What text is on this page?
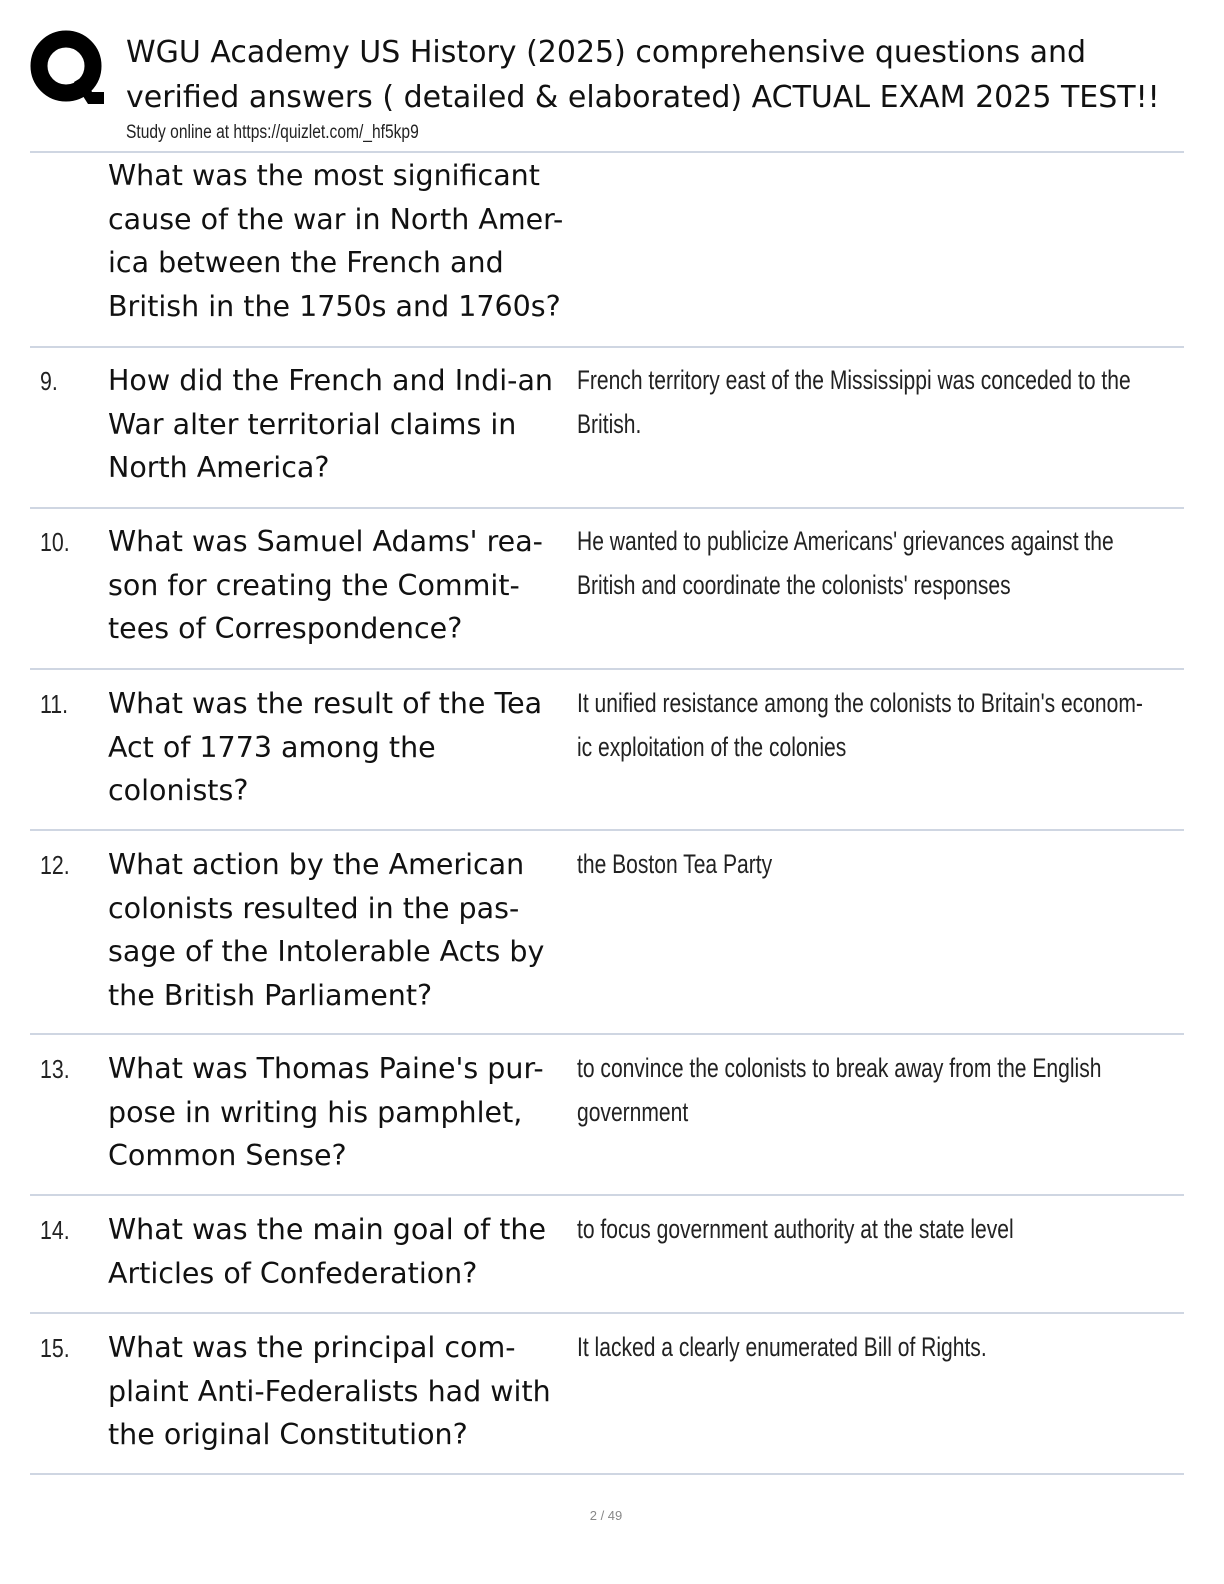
WGU Academy US History (2025) comprehensive questions and verified answers ( detailed & elaborated) ACTUAL EXAM 2025 TEST!!
Study online at https://quizlet.com/_hf5kp9
What was the most significant cause of the war in North Amer-ica between the French and British in the 1750s and 1760s?
9. How did the French and Indi-an War alter territorial claims in North America?
French territory east of the Mississippi was conceded to the British.
10. What was Samuel Adams' rea-son for creating the Commit-tees of Correspondence?
He wanted to publicize Americans' grievances against the British and coordinate the colonists' responses
11. What was the result of the Tea Act of 1773 among the colonists?
It unified resistance among the colonists to Britain's econom-ic exploitation of the colonies
12. What action by the American colonists resulted in the pas-sage of the Intolerable Acts by the British Parliament?
the Boston Tea Party
13. What was Thomas Paine's pur-pose in writing his pamphlet, Common Sense?
to convince the colonists to break away from the English government
14. What was the main goal of the Articles of Confederation?
to focus government authority at the state level
15. What was the principal com-plaint Anti-Federalists had with the original Constitution?
It lacked a clearly enumerated Bill of Rights.
2 / 49
